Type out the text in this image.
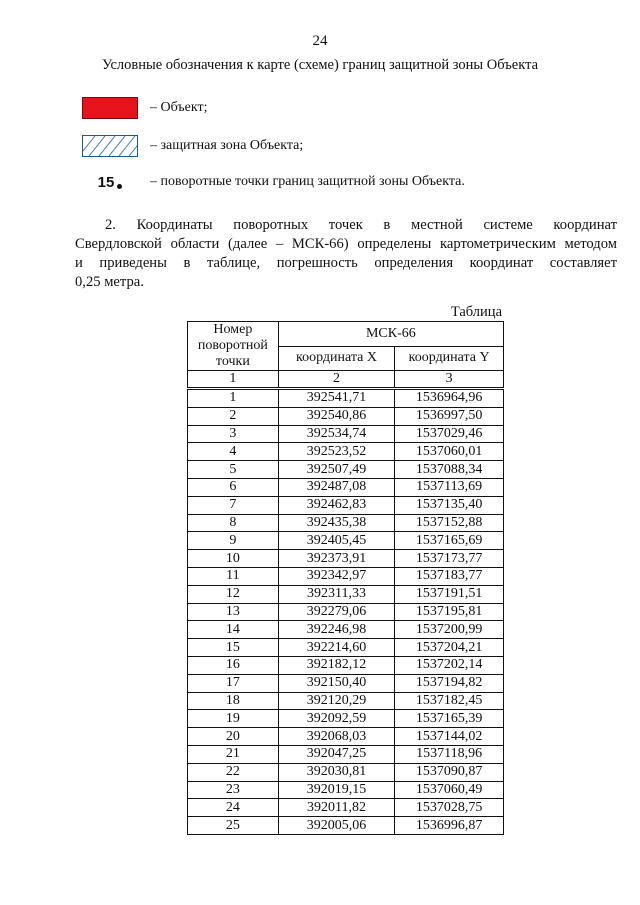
24
Условные обозначения к карте (схеме) границ защитной зоны Объекта
– Объект;
– защитная зона Объекта;
15	– поворотные точки границ защитной зоны Объекта.
2. Координаты поворотных точек в местной системе координат
Свердловской области (далее – МСК-66) определены картометрическим методом
и приведены в таблице, погрешность определения координат составляет
0,25 метра.
Таблица
Номер поворотной точки	МСК-66	
	координата X	координата Y
1	2	3
1	392541,71	1536964,96
2	392540,86	1536997,50
3	392534,74	1537029,46
4	392523,52	1537060,01
5	392507,49	1537088,34
6	392487,08	1537113,69
7	392462,83	1537135,40
8	392435,38	1537152,88
9	392405,45	1537165,69
10	392373,91	1537173,77
11	392342,97	1537183,77
12	392311,33	1537191,51
13	392279,06	1537195,81
14	392246,98	1537200,99
15	392214,60	1537204,21
16	392182,12	1537202,14
17	392150,40	1537194,82
18	392120,29	1537182,45
19	392092,59	1537165,39
20	392068,03	1537144,02
21	392047,25	1537118,96
22	392030,81	1537090,87
23	392019,15	1537060,49
24	392011,82	1537028,75
25	392005,06	1536996,87
